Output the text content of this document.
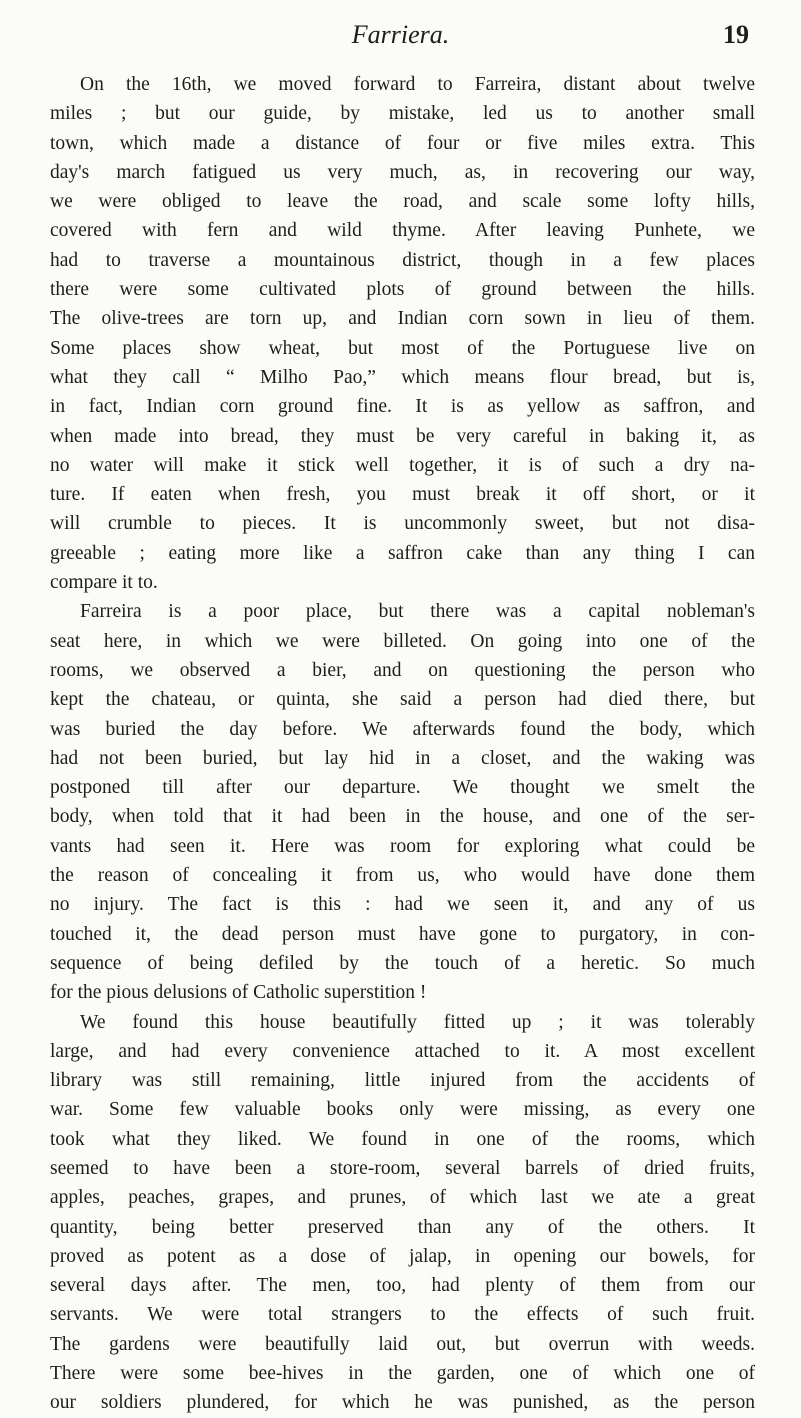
Farriera.	19
On the 16th, we moved forward to Farreira, distant about twelve
miles ; but our guide, by mistake, led us to another small
town, which made a distance of four or five miles extra. This
day's march fatigued us very much, as, in recovering our way,
we were obliged to leave the road, and scale some lofty hills,
covered with fern and wild thyme. After leaving Punhete, we
had to traverse a mountainous district, though in a few places
there were some cultivated plots of ground between the hills.
The olive-trees are torn up, and Indian corn sown in lieu of them.
Some places show wheat, but most of the Portuguese live on
what they call “ Milho Pao,” which means flour bread, but is,
in fact, Indian corn ground fine. It is as yellow as saffron, and
when made into bread, they must be very careful in baking it, as
no water will make it stick well together, it is of such a dry na-
ture. If eaten when fresh, you must break it off short, or it
will crumble to pieces. It is uncommonly sweet, but not disa-
greeable ; eating more like a saffron cake than any thing I can
compare it to.
Farreira is a poor place, but there was a capital nobleman's
seat here, in which we were billeted. On going into one of the
rooms, we observed a bier, and on questioning the person who
kept the chateau, or quinta, she said a person had died there, but
was buried the day before. We afterwards found the body, which
had not been buried, but lay hid in a closet, and the waking was
postponed till after our departure. We thought we smelt the
body, when told that it had been in the house, and one of the ser-
vants had seen it. Here was room for exploring what could be
the reason of concealing it from us, who would have done them
no injury. The fact is this : had we seen it, and any of us
touched it, the dead person must have gone to purgatory, in con-
sequence of being defiled by the touch of a heretic. So much
for the pious delusions of Catholic superstition !
We found this house beautifully fitted up ; it was tolerably
large, and had every convenience attached to it. A most excellent
library was still remaining, little injured from the accidents of
war. Some few valuable books only were missing, as every one
took what they liked. We found in one of the rooms, which
seemed to have been a store-room, several barrels of dried fruits,
apples, peaches, grapes, and prunes, of which last we ate a great
quantity, being better preserved than any of the others. It
proved as potent as a dose of jalap, in opening our bowels, for
several days after. The men, too, had plenty of them from our
servants. We were total strangers to the effects of such fruit.
The gardens were beautifully laid out, but overrun with weeds.
There were some bee-hives in the garden, one of which one of
our soldiers plundered, for which he was punished, as the person
